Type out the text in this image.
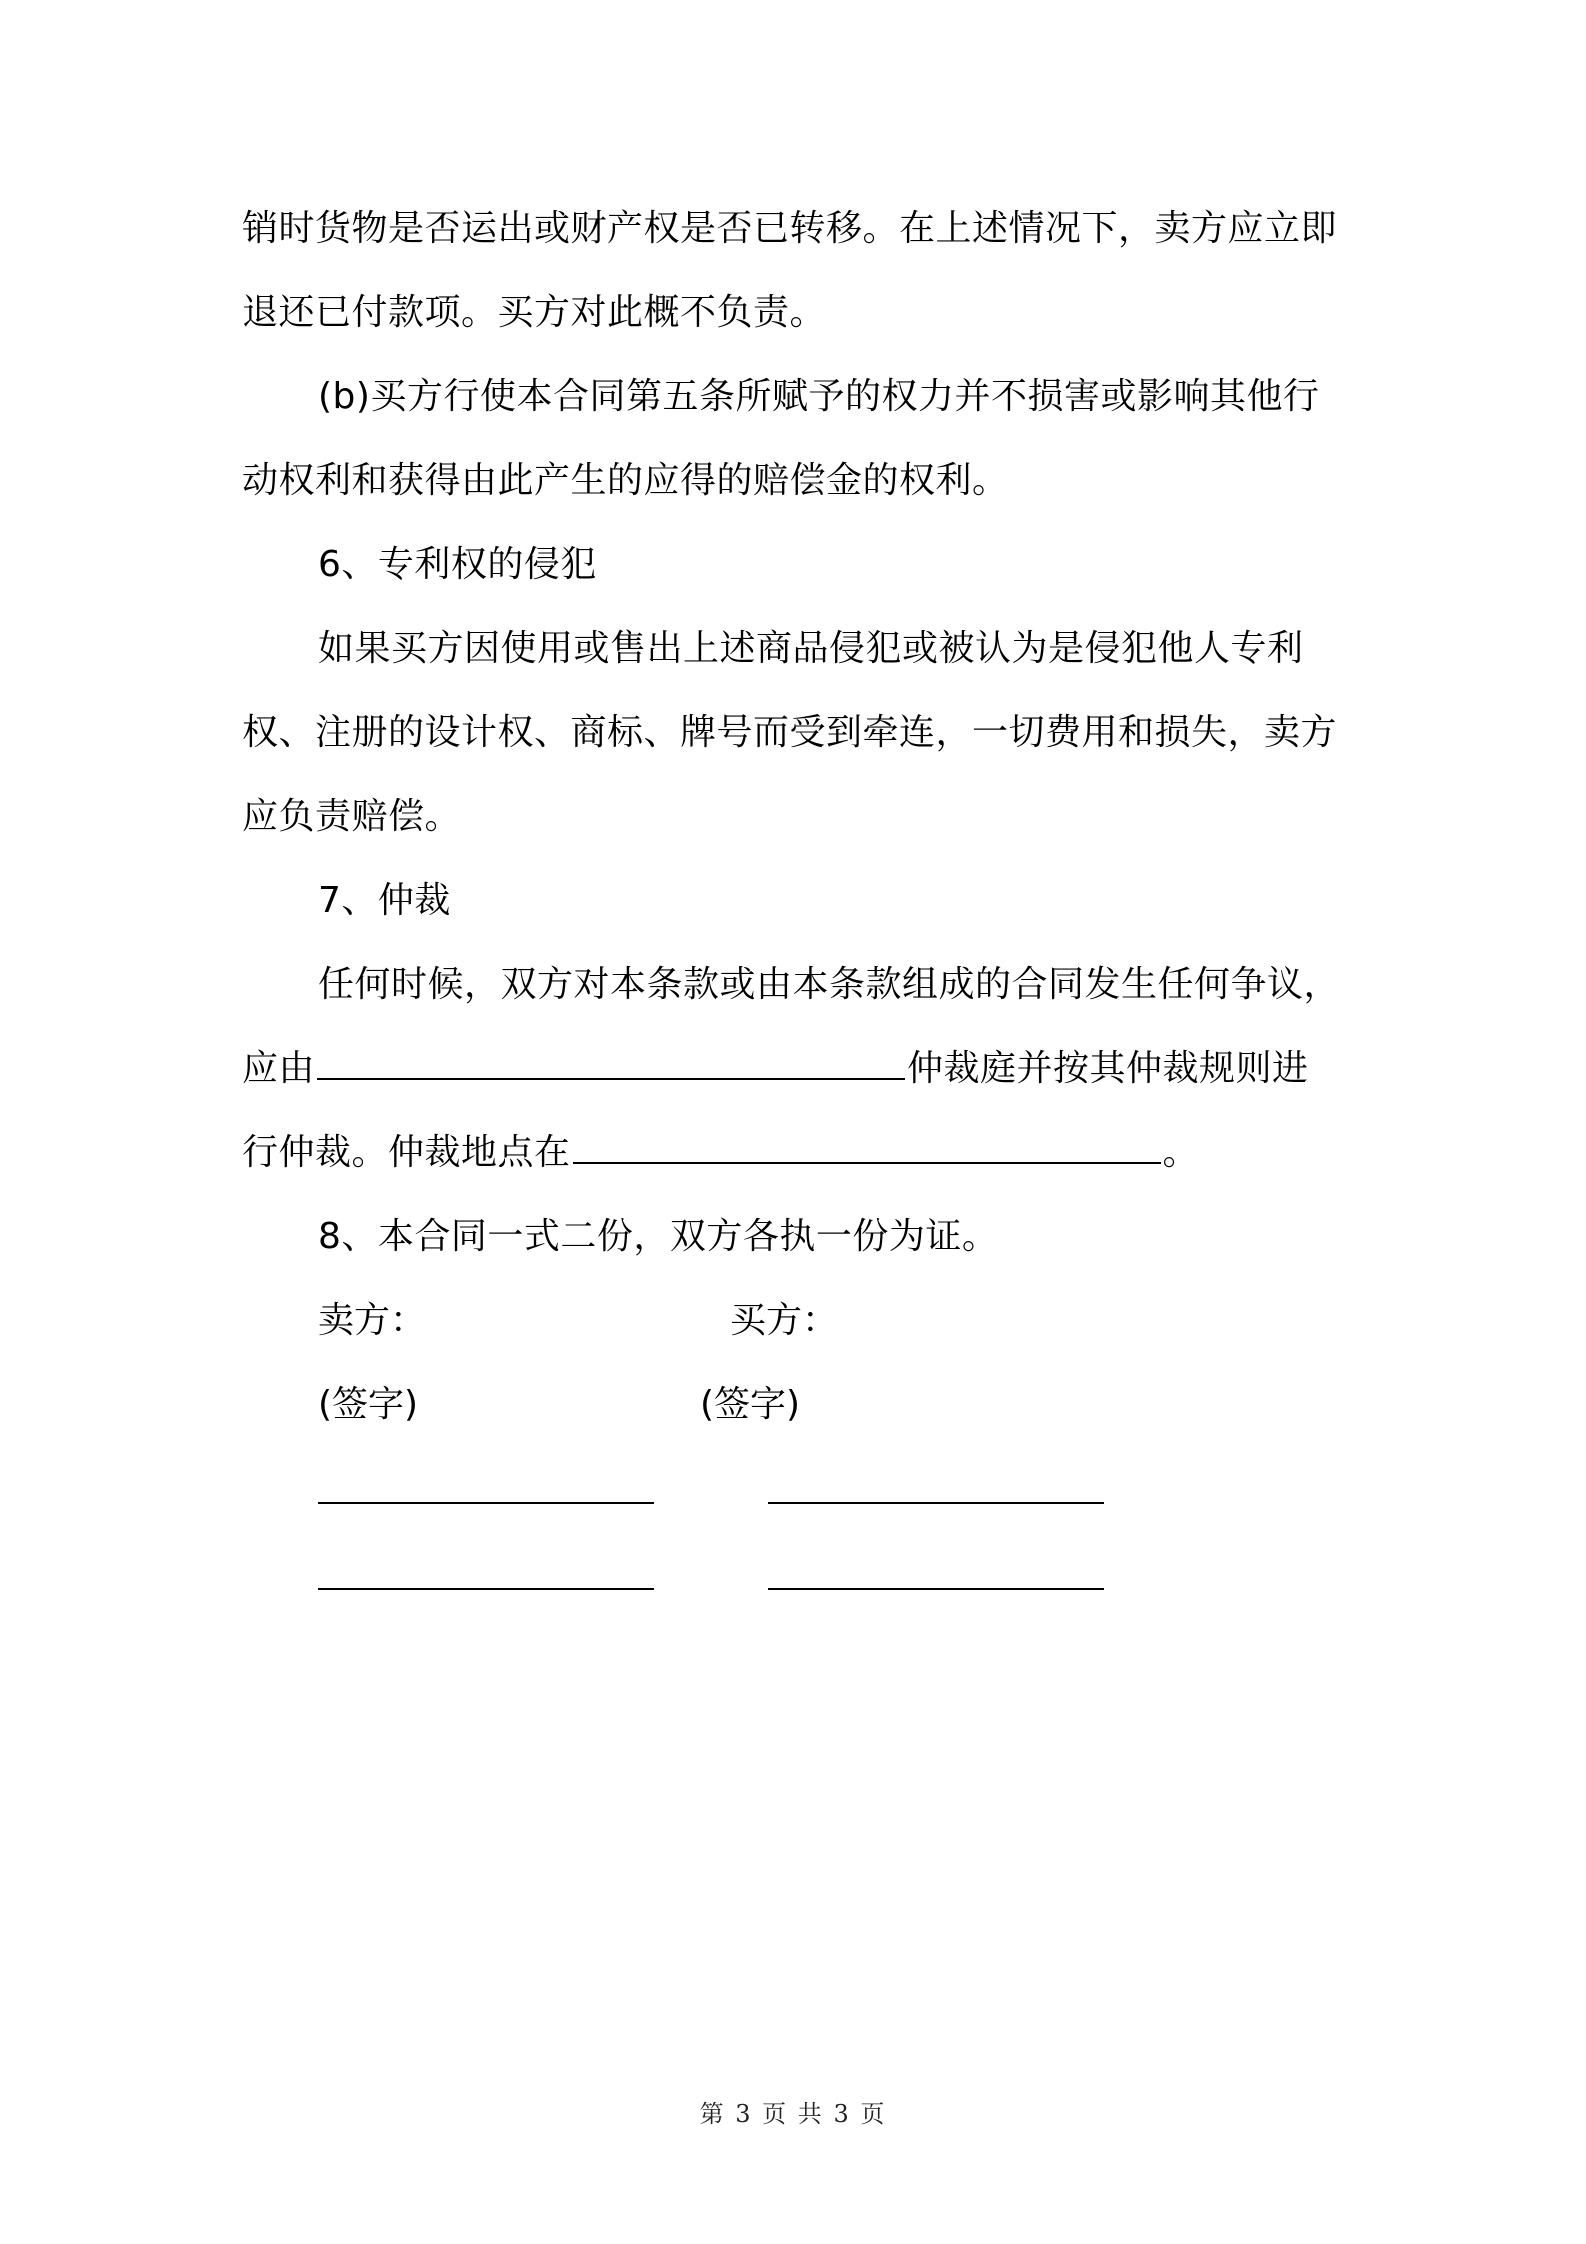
销时货物是否运出或财产权是否已转移。在上述情况下，卖方应立即
退还已付款项。买方对此概不负责。
(b)买方行使本合同第五条所赋予的权力并不损害或影响其他行
动权利和获得由此产生的应得的赔偿金的权利。
6、专利权的侵犯
如果买方因使用或售出上述商品侵犯或被认为是侵犯他人专利
权、注册的设计权、商标、牌号而受到牵连，一切费用和损失，卖方
应负责赔偿。
7、仲裁
任何时候，双方对本条款或由本条款组成的合同发生任何争议，
应由	仲裁庭并按其仲裁规则进
行仲裁。仲裁地点在	。
8、本合同一式二份，双方各执一份为证。
卖方：	买方：
(签字)	(签字)
第 3 页 共 3 页
